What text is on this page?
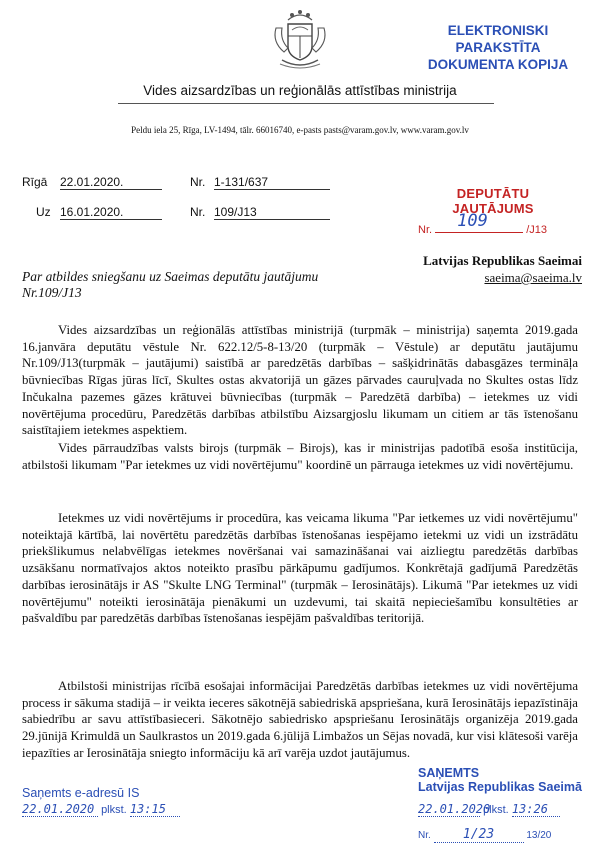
ELEKTRONISKI PARAKSTĪTA
DOKUMENTA KOPIJA
Vides aizsardzības un reģionālās attīstības ministrija
Peldu iela 25, Rīga, LV-1494, tālr. 66016740, e-pasts pasts@varam.gov.lv, www.varam.gov.lv
Rīgā 22.01.2020.	Nr. 1-131/637
Uz 16.01.2020.	Nr. 109/J13
DEPUTĀTU JAUTĀJUMS
Nr. 109	/J13
Latvijas Republikas Saeimai
saeima@saeima.lv
Par atbildes sniegšanu uz Saeimas deputātu jautājumu Nr.109/J13

Vides aizsardzības un reģionālās attīstības ministrijā (turpmāk – ministrija) saņemta 2019.gada 16.janvāra deputātu vēstule Nr. 622.12/5-8-13/20 (turpmāk – Vēstule) ar deputātu jautājumu Nr.109/J13(turpmāk – jautājumi) saistībā ar paredzētās darbības – sašķidrinātās dabasgāzes termināļa būvniecības Rīgas jūras līcī, Skultes ostas akvatorijā un gāzes pārvades cauruļvada no Skultes ostas līdz Inčukalna pazemes gāzes krātuvei būvniecības (turpmāk – Paredzētā darbība) – ietekmes uz vidi novērtējuma procedūru, Paredzētās darbības atbilstību Aizsargjoslu likumam un citiem ar tās īstenošanu saistītajiem ietekmes aspektiem.

Vides pārraudzības valsts birojs (turpmāk – Birojs), kas ir ministrijas padotībā esoša institūcija, atbilstoši likumam "Par ietekmes uz vidi novērtējumu" koordinē un pārrauga ietekmes uz vidi novērtējumu.

Ietekmes uz vidi novērtējums ir procedūra, kas veicama likuma "Par ietkemes uz vidi novērtējumu" noteiktajā kārtībā, lai novērtētu paredzētās darbības īstenošanas iespējamo ietekmi uz vidi un izstrādātu priekšlikumus nelabvēlīgas ietekmes novēršanai vai samazināšanai vai aizliegtu paredzētās darbības uzsākšanu normatīvajos aktos noteikto prasību pārkāpumu gadījumos. Konkrētajā gadījumā Paredzētās darbības ierosinātājs ir AS "Skulte LNG Terminal" (turpmāk – Ierosinātājs). Likumā "Par ietekmes uz vidi novērtējumu" noteikti ierosinātāja pienākumi un uzdevumi, tai skaitā nepieciešamību konsultēties ar pašvaldību par paredzētās darbības īstenošanas iespējām pašvaldības teritorijā.

Atbilstoši ministrijas rīcībā esošajai informācijai Paredzētās darbības ietekmes uz vidi novērtējuma process ir sākuma stadijā – ir veikta ieceres sākotnējā sabiedriskā apspriešana, kurā Ierosinātājs iepazīstināja sabiedrību ar savu attīstībasieceri. Sākotnējo sabiedrisko apspriešanu Ierosinātājs organizēja 2019.gada 29.jūnijā Krimuldā un Saulkrastos un 2019.gada 6.jūlijā Limbažos un Sējas novadā, kur visi klātesoši varēja iepazīties ar Ierosinātāja sniegto informāciju kā arī varēja uzdot jautājumus.

SAŅEMTS
Latvijas Republikas Saeimā
22.01.2020 plkst. 13:26
Nr. 1/23	13/20
Saņemts e-adresū IS
22.01.2020 plkst. 13:15
